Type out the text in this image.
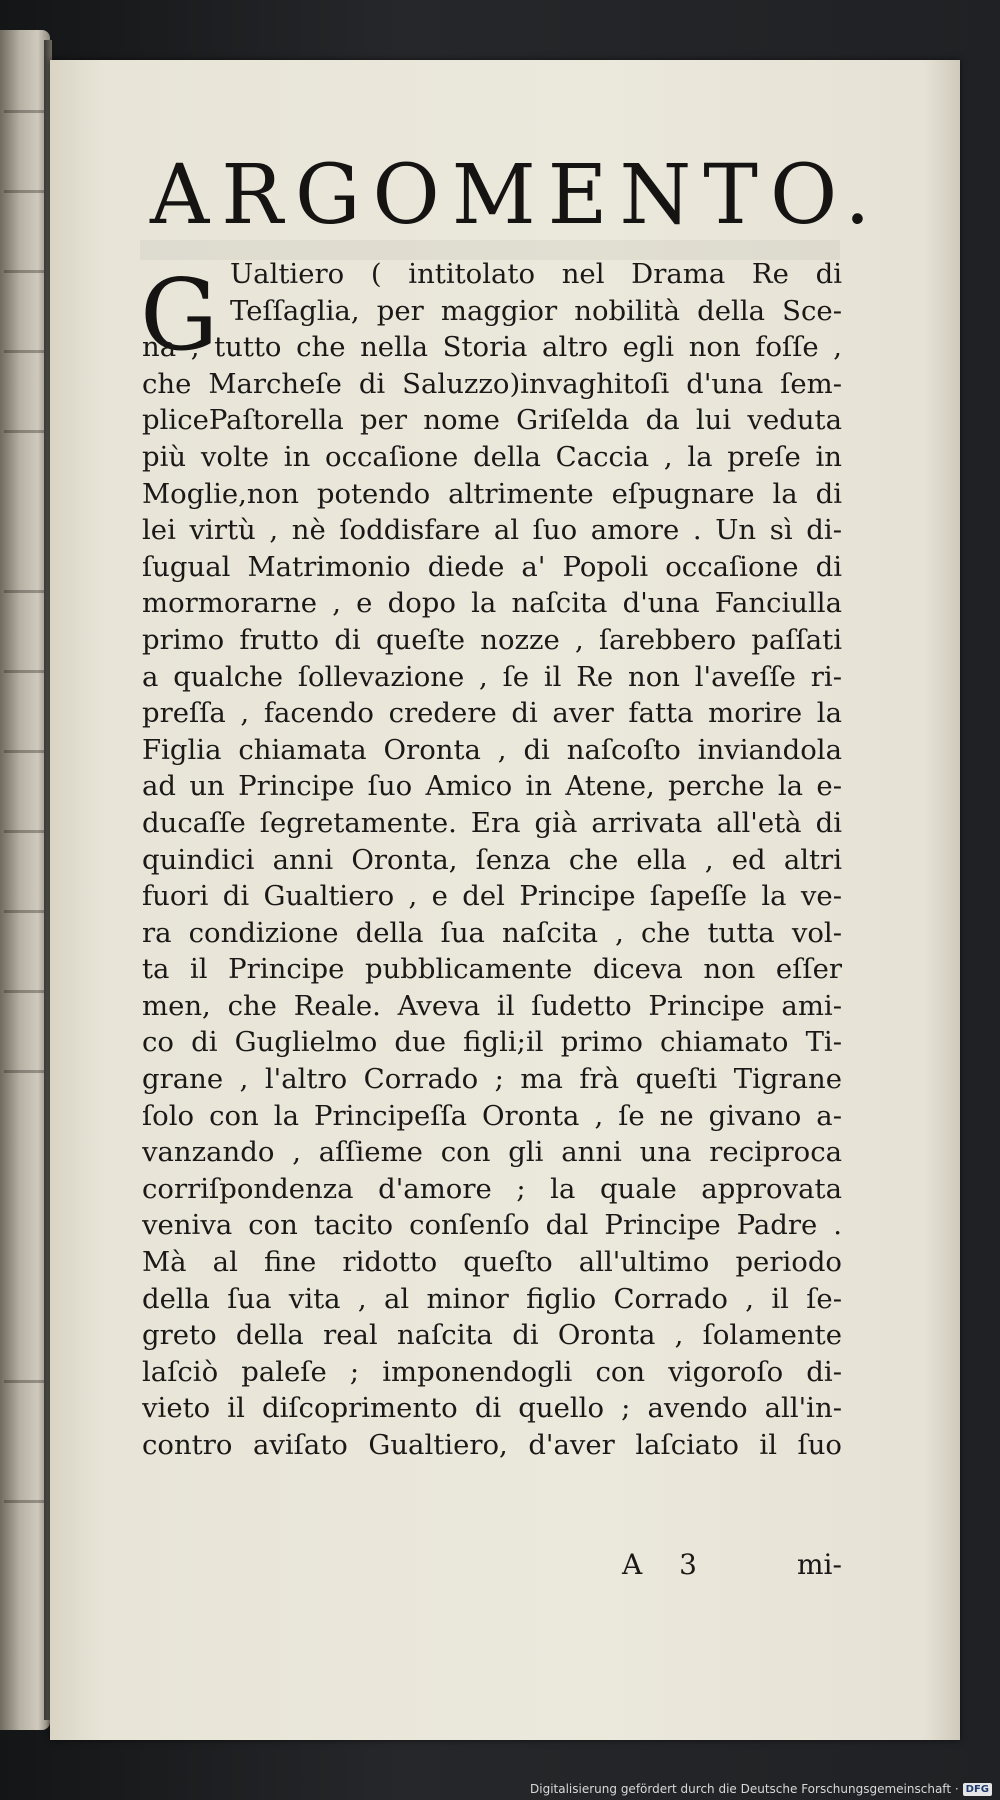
ARGOMENTO.
G Ualtiero ( intitolato nel Drama Re di
Teſſaglia, per maggior nobilità della Sce-
na , tutto che nella Storia altro egli non foſſe ,
che Marcheſe di Saluzzo)invaghitoſi d'una ſem-
plicePaſtorella per nome Griſelda da lui veduta
più volte in occaſione della Caccia , la preſe in
Moglie,non potendo altrimente eſpugnare la di
lei virtù , nè ſoddisfare al ſuo amore . Un sì di-
ſugual Matrimonio diede a' Popoli occaſione di
mormorarne , e dopo la naſcita d'una Fanciulla
primo frutto di queſte nozze , ſarebbero paſſati
a qualche ſollevazione , ſe il Re non l'aveſſe ri-
preſſa , facendo credere di aver fatta morire la
Figlia chiamata Oronta , di naſcoſto inviandola
ad un Principe ſuo Amico in Atene, perche la e-
ducaſſe ſegretamente. Era già arrivata all'età di
quindici anni Oronta, ſenza che ella , ed altri
fuori di Gualtiero , e del Principe ſapeſſe la ve-
ra condizione della ſua naſcita , che tutta vol-
ta il Principe pubblicamente diceva non eſſer
men, che Reale. Aveva il ſudetto Principe ami-
co di Guglielmo due figli;il primo chiamato Ti-
grane , l'altro Corrado ; ma frà queſti Tigrane
ſolo con la Principeſſa Oronta , ſe ne givano a-
vanzando , aſſieme con gli anni una reciproca
corriſpondenza d'amore ; la quale approvata
veniva con tacito conſenſo dal Principe Padre .
Mà al fine ridotto queſto all'ultimo periodo
della ſua vita , al minor figlio Corrado , il ſe-
greto della real naſcita di Oronta , ſolamente
laſciò paleſe ; imponendogli con vigoroſo di-
vieto il diſcoprimento di quello ; avendo all'in-
contro aviſato Gualtiero, d'aver laſciato il ſuo
A 3	mi-
Digitalisierung gefördert durch die Deutsche Forschungsgemeinschaft · DFG
